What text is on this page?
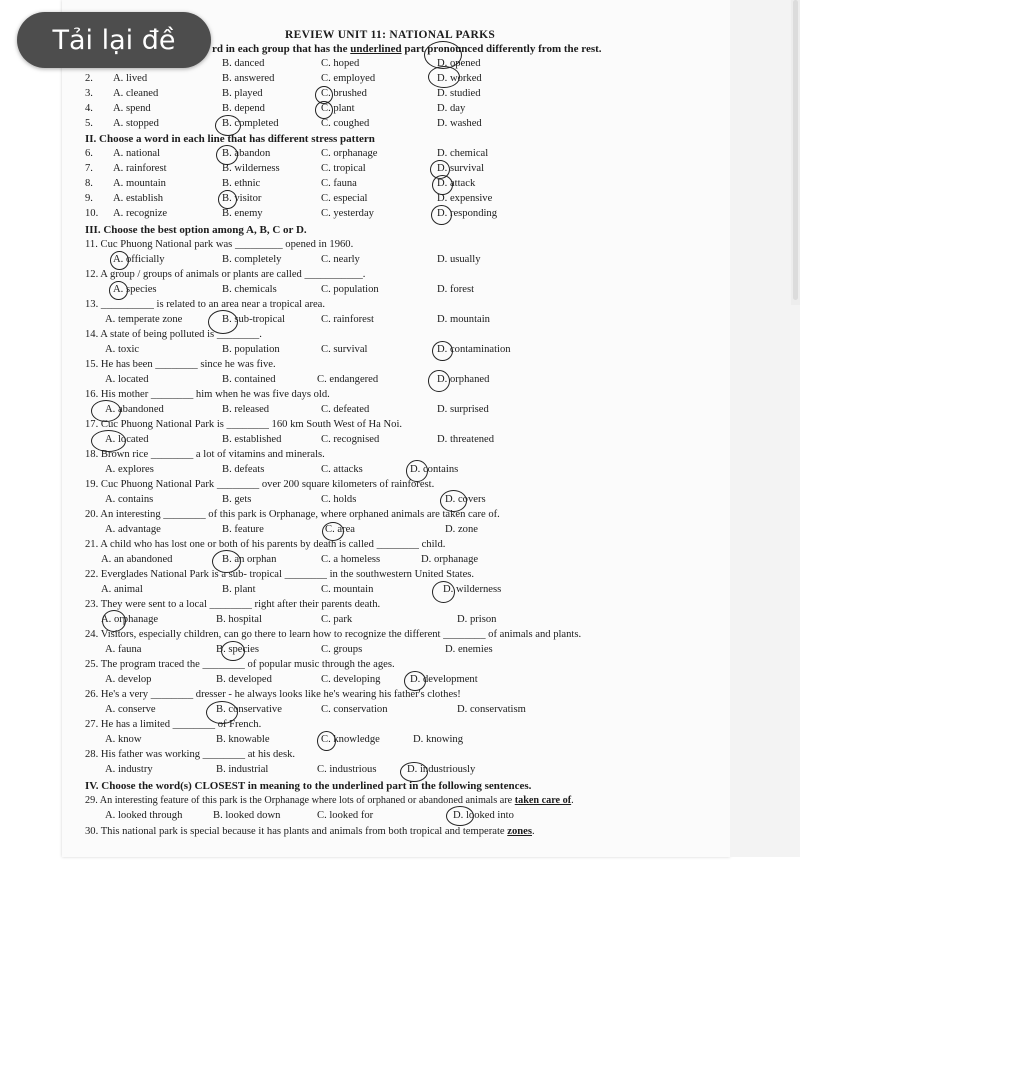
Tải lại đề	REVIEW UNIT 11: NATIONAL PARKS
rd in each group that has the underlined part pronounced differently from the rest.
B. danced	C. hoped	D. opened
2. A. lived	B. answered	C. employed	D. worked
3. A. cleaned	B. played	C. brushed	D. studied
4. A. spend	B. depend	C. plant	D. day
5. A. stopped	B. completed	C. coughed	D. washed
II. Choose a word in each line that has different stress pattern
6. A. national	B. abandon	C. orphanage	D. chemical
7. A. rainforest	B. wilderness	C. tropical	D. survival
8. A. mountain	B. ethnic	C. fauna	D. attack
9. A. establish	B. visitor	C. especial	D. expensive
10. A. recognize	B. enemy	C. yesterday	D. responding
III. Choose the best option among A, B, C or D.
11. Cuc Phuong National park was _________ opened in 1960.
A. officially	B. completely	C. nearly	D. usually
12. A group / groups of animals or plants are called ___________.
A. species	B. chemicals	C. population	D. forest
13. __________ is related to an area near a tropical area.
A. temperate zone	B. sub-tropical	C. rainforest	D. mountain
14. A state of being polluted is ________.
A. toxic	B. population	C. survival	D. contamination
15. He has been ________ since he was five.
A. located	B. contained	C. endangered	D. orphaned
16. His mother ________ him when he was five days old.
A. abandoned	B. released	C. defeated	D. surprised
17. Cuc Phuong National Park is ________ 160 km South West of Ha Noi.
A. located	B. established	C. recognised	D. threatened
18. Brown rice ________ a lot of vitamins and minerals.
A. explores	B. defeats	C. attacks	D. contains
19. Cuc Phuong National Park ________ over 200 square kilometers of rainforest.
A. contains	B. gets	C. holds	D. covers
20. An interesting ________ of this park is Orphanage, where orphaned animals are taken care of.
A. advantage	B. feature	C. area	D. zone
21. A child who has lost one or both of his parents by death is called ________ child.
A. an abandoned	B. an orphan	C. a homeless	D. orphanage
22. Everglades National Park is a sub- tropical ________ in the southwestern United States.
A. animal	B. plant	C. mountain	D. wilderness
23. They were sent to a local ________ right after their parents death.
A. orphanage	B. hospital	C. park	D. prison
24. Visitors, especially children, can go there to learn how to recognize the different ________ of animals and plants.
A. fauna	B. species	C. groups	D. enemies
25. The program traced the ________ of popular music through the ages.
A. develop	B. developed	C. developing	D. development
26. He's a very ________ dresser - he always looks like he's wearing his father's clothes!
A. conserve	B. conservative	C. conservation	D. conservatism
27. He has a limited ________ of French.
A. know	B. knowable	C. knowledge	D. knowing
28. His father was working ________ at his desk.
A. industry	B. industrial	C. industrious	D. industriously
IV. Choose the word(s) CLOSEST in meaning to the underlined part in the following sentences.
29. An interesting feature of this park is the Orphanage where lots of orphaned or abandoned animals are taken care of.
A. looked through	B. looked down	C. looked for	D. looked into
30. This national park is special because it has plants and animals from both tropical and temperate zones.
